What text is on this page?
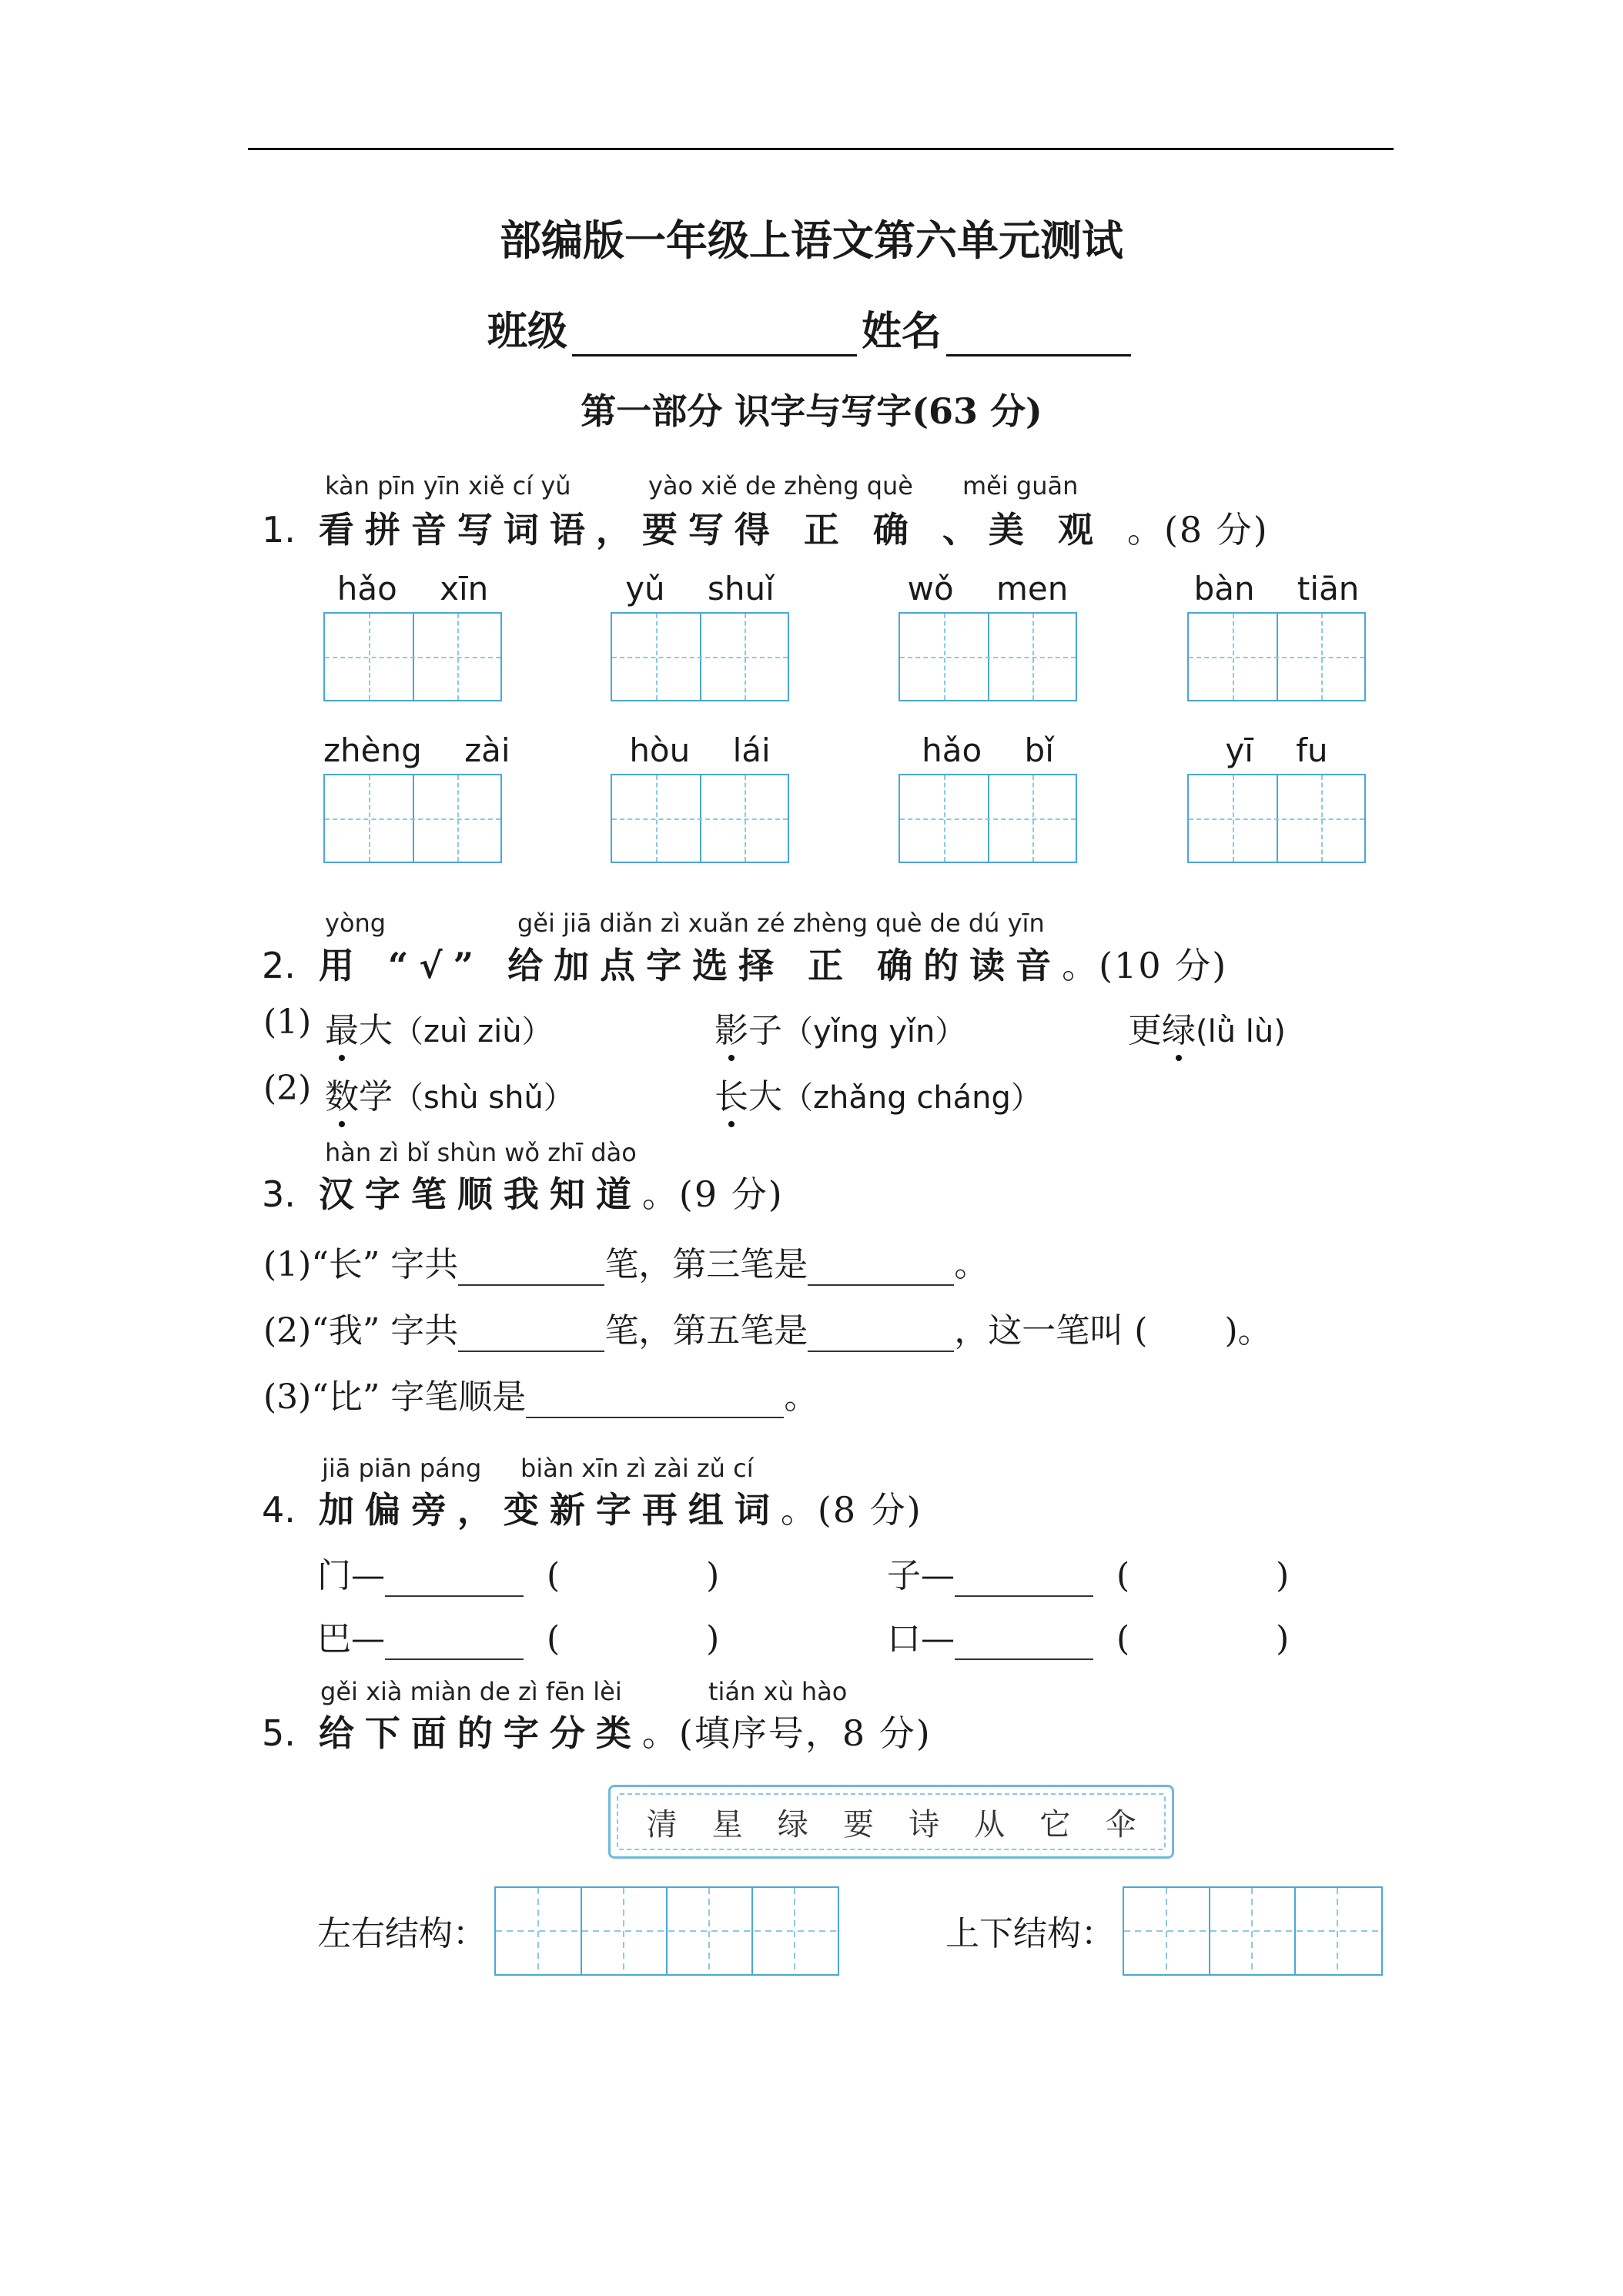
部编版一年级上语文第六单元测试
班级	姓名
第一部分 识字与写字(63 分)
kàn pīn yīn xiě cí yǔ	yào xiě de zhèng què měi guān
1. 看拼音写词语，要写得 正 确 、美 观 。(8 分)
hǎo xīn	yǔ shuǐ	wǒ men	bàn tiān
zhèng zài	hòu lái	hǎo bǐ	yī fu
yòng	gěi jiā diǎn zì xuǎn zé zhèng què de dú yīn
2. 用 “√” 给加点字选择 正 确的读音。(10 分)
(1) 最大（zuì ziù）	影子（yǐng yǐn）	更绿(lǜ lù)
(2) 数学（shù shǔ）	长大（zhǎng cháng）
hàn zì bǐ shùn wǒ zhī dào
3. 汉字笔顺我知道。(9 分)
(1)“长” 字共	笔，第三笔是	。
(2)“我” 字共	笔，第五笔是	，这一笔叫 ( )。
(3)“比” 字笔顺是	。
jiā piān páng biàn xīn zì zài zǔ cí
4. 加偏旁，变新字再组词。(8 分)
门—	(	)	子—	(	)
巴—	(	)	口—	(	)
gěi xià miàn de zì fēn lèi	tián xù hào
5. 给下面的字分类。(填序号，8 分)
清 星 绿 要 诗 从 它 伞
左右结构：	上下结构：
